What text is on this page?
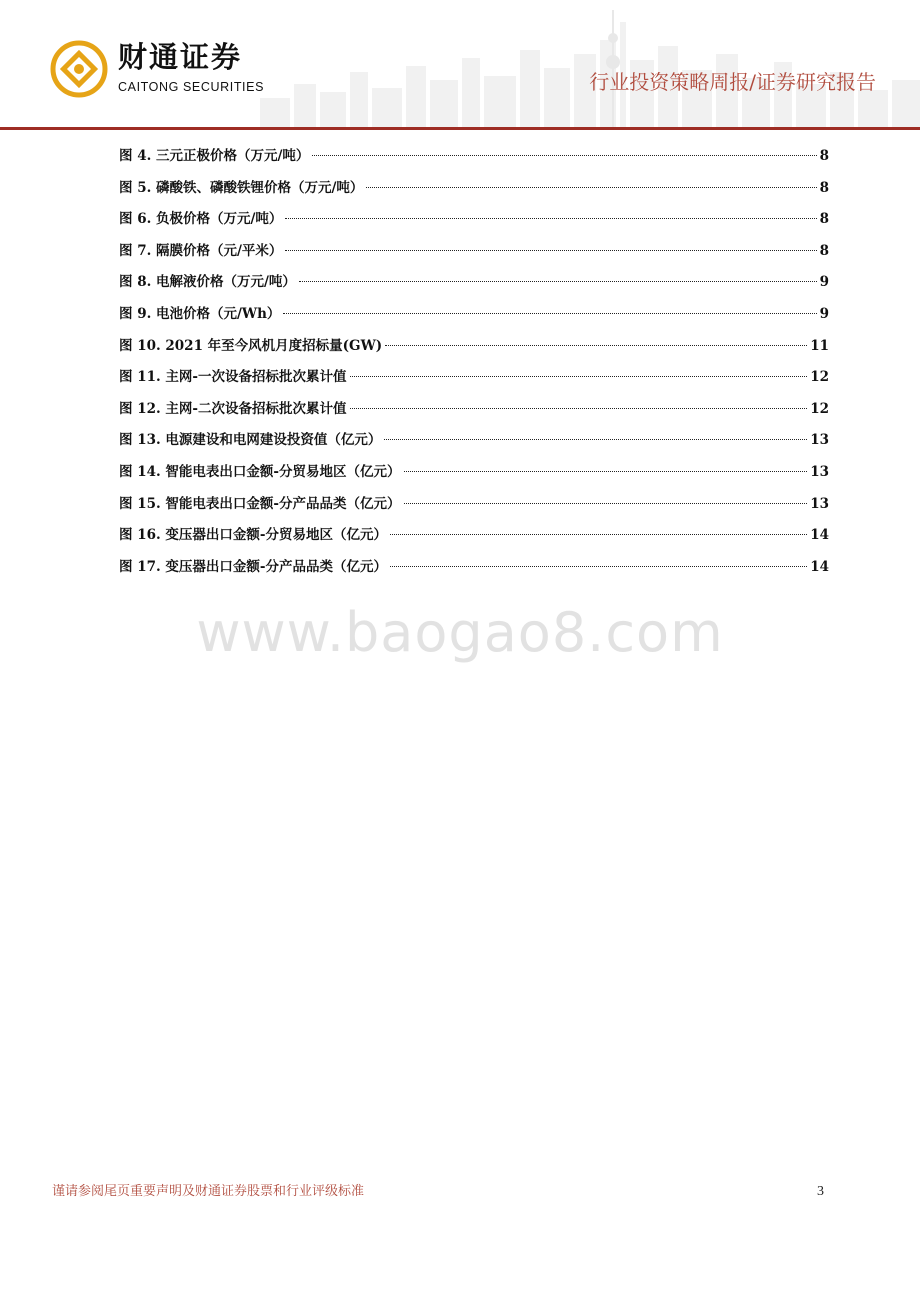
财通证券
CAITONG SECURITIES	行业投资策略周报/证券研究报告
图 4. 三元正极价格（万元/吨）	8
图 5. 磷酸铁、磷酸铁锂价格（万元/吨）	8
图 6. 负极价格（万元/吨）	8
图 7. 隔膜价格（元/平米）	8
图 8. 电解液价格（万元/吨）	9
图 9. 电池价格（元/Wh）	9
图 10. 2021 年至今风机月度招标量(GW)	11
图 11. 主网-一次设备招标批次累计值	12
图 12. 主网-二次设备招标批次累计值	12
图 13. 电源建设和电网建设投资值（亿元）	13
图 14. 智能电表出口金额-分贸易地区（亿元）	13
图 15. 智能电表出口金额-分产品品类（亿元）	13
图 16. 变压器出口金额-分贸易地区（亿元）	14
图 17. 变压器出口金额-分产品品类（亿元）	14
www.baogao8.com
谨请参阅尾页重要声明及财通证券股票和行业评级标准	3
